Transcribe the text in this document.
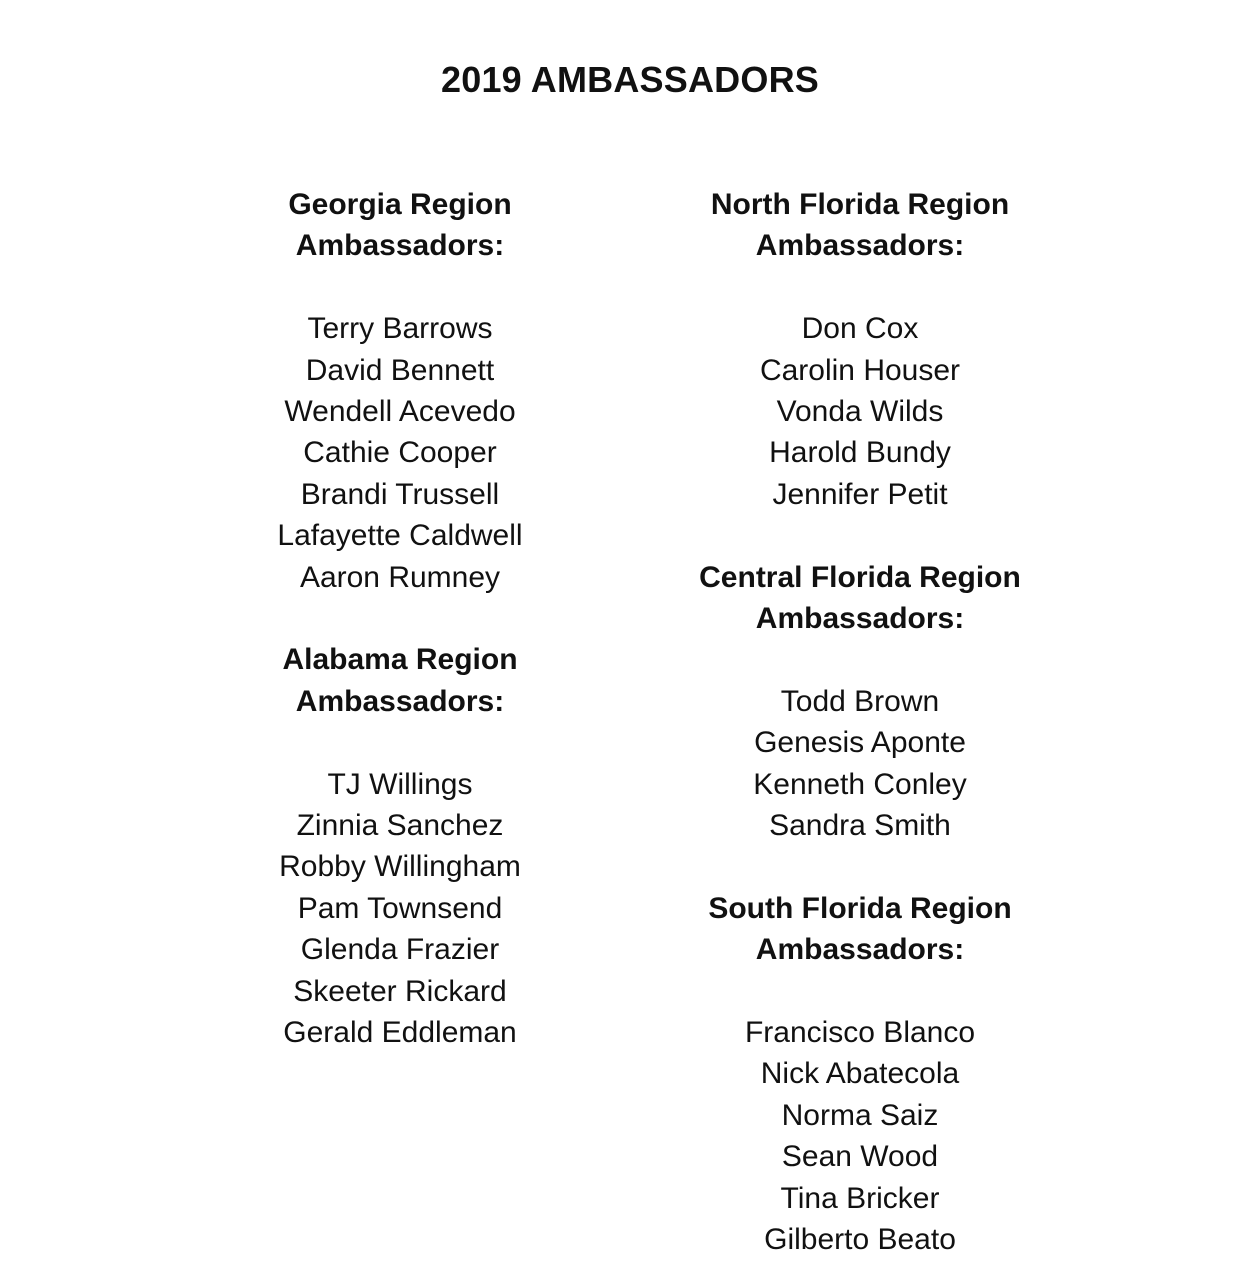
2019 AMBASSADORS
Georgia Region
Ambassadors:
Terry Barrows
David Bennett
Wendell Acevedo
Cathie Cooper
Brandi Trussell
Lafayette Caldwell
Aaron Rumney
Alabama Region
Ambassadors:
TJ Willings
Zinnia Sanchez
Robby Willingham
Pam Townsend
Glenda Frazier
Skeeter Rickard
Gerald Eddleman
North Florida Region
Ambassadors:
Don Cox
Carolin Houser
Vonda Wilds
Harold Bundy
Jennifer Petit
Central Florida Region
Ambassadors:
Todd Brown
Genesis Aponte
Kenneth Conley
Sandra Smith
South Florida Region
Ambassadors:
Francisco Blanco
Nick Abatecola
Norma Saiz
Sean Wood
Tina Bricker
Gilberto Beato
